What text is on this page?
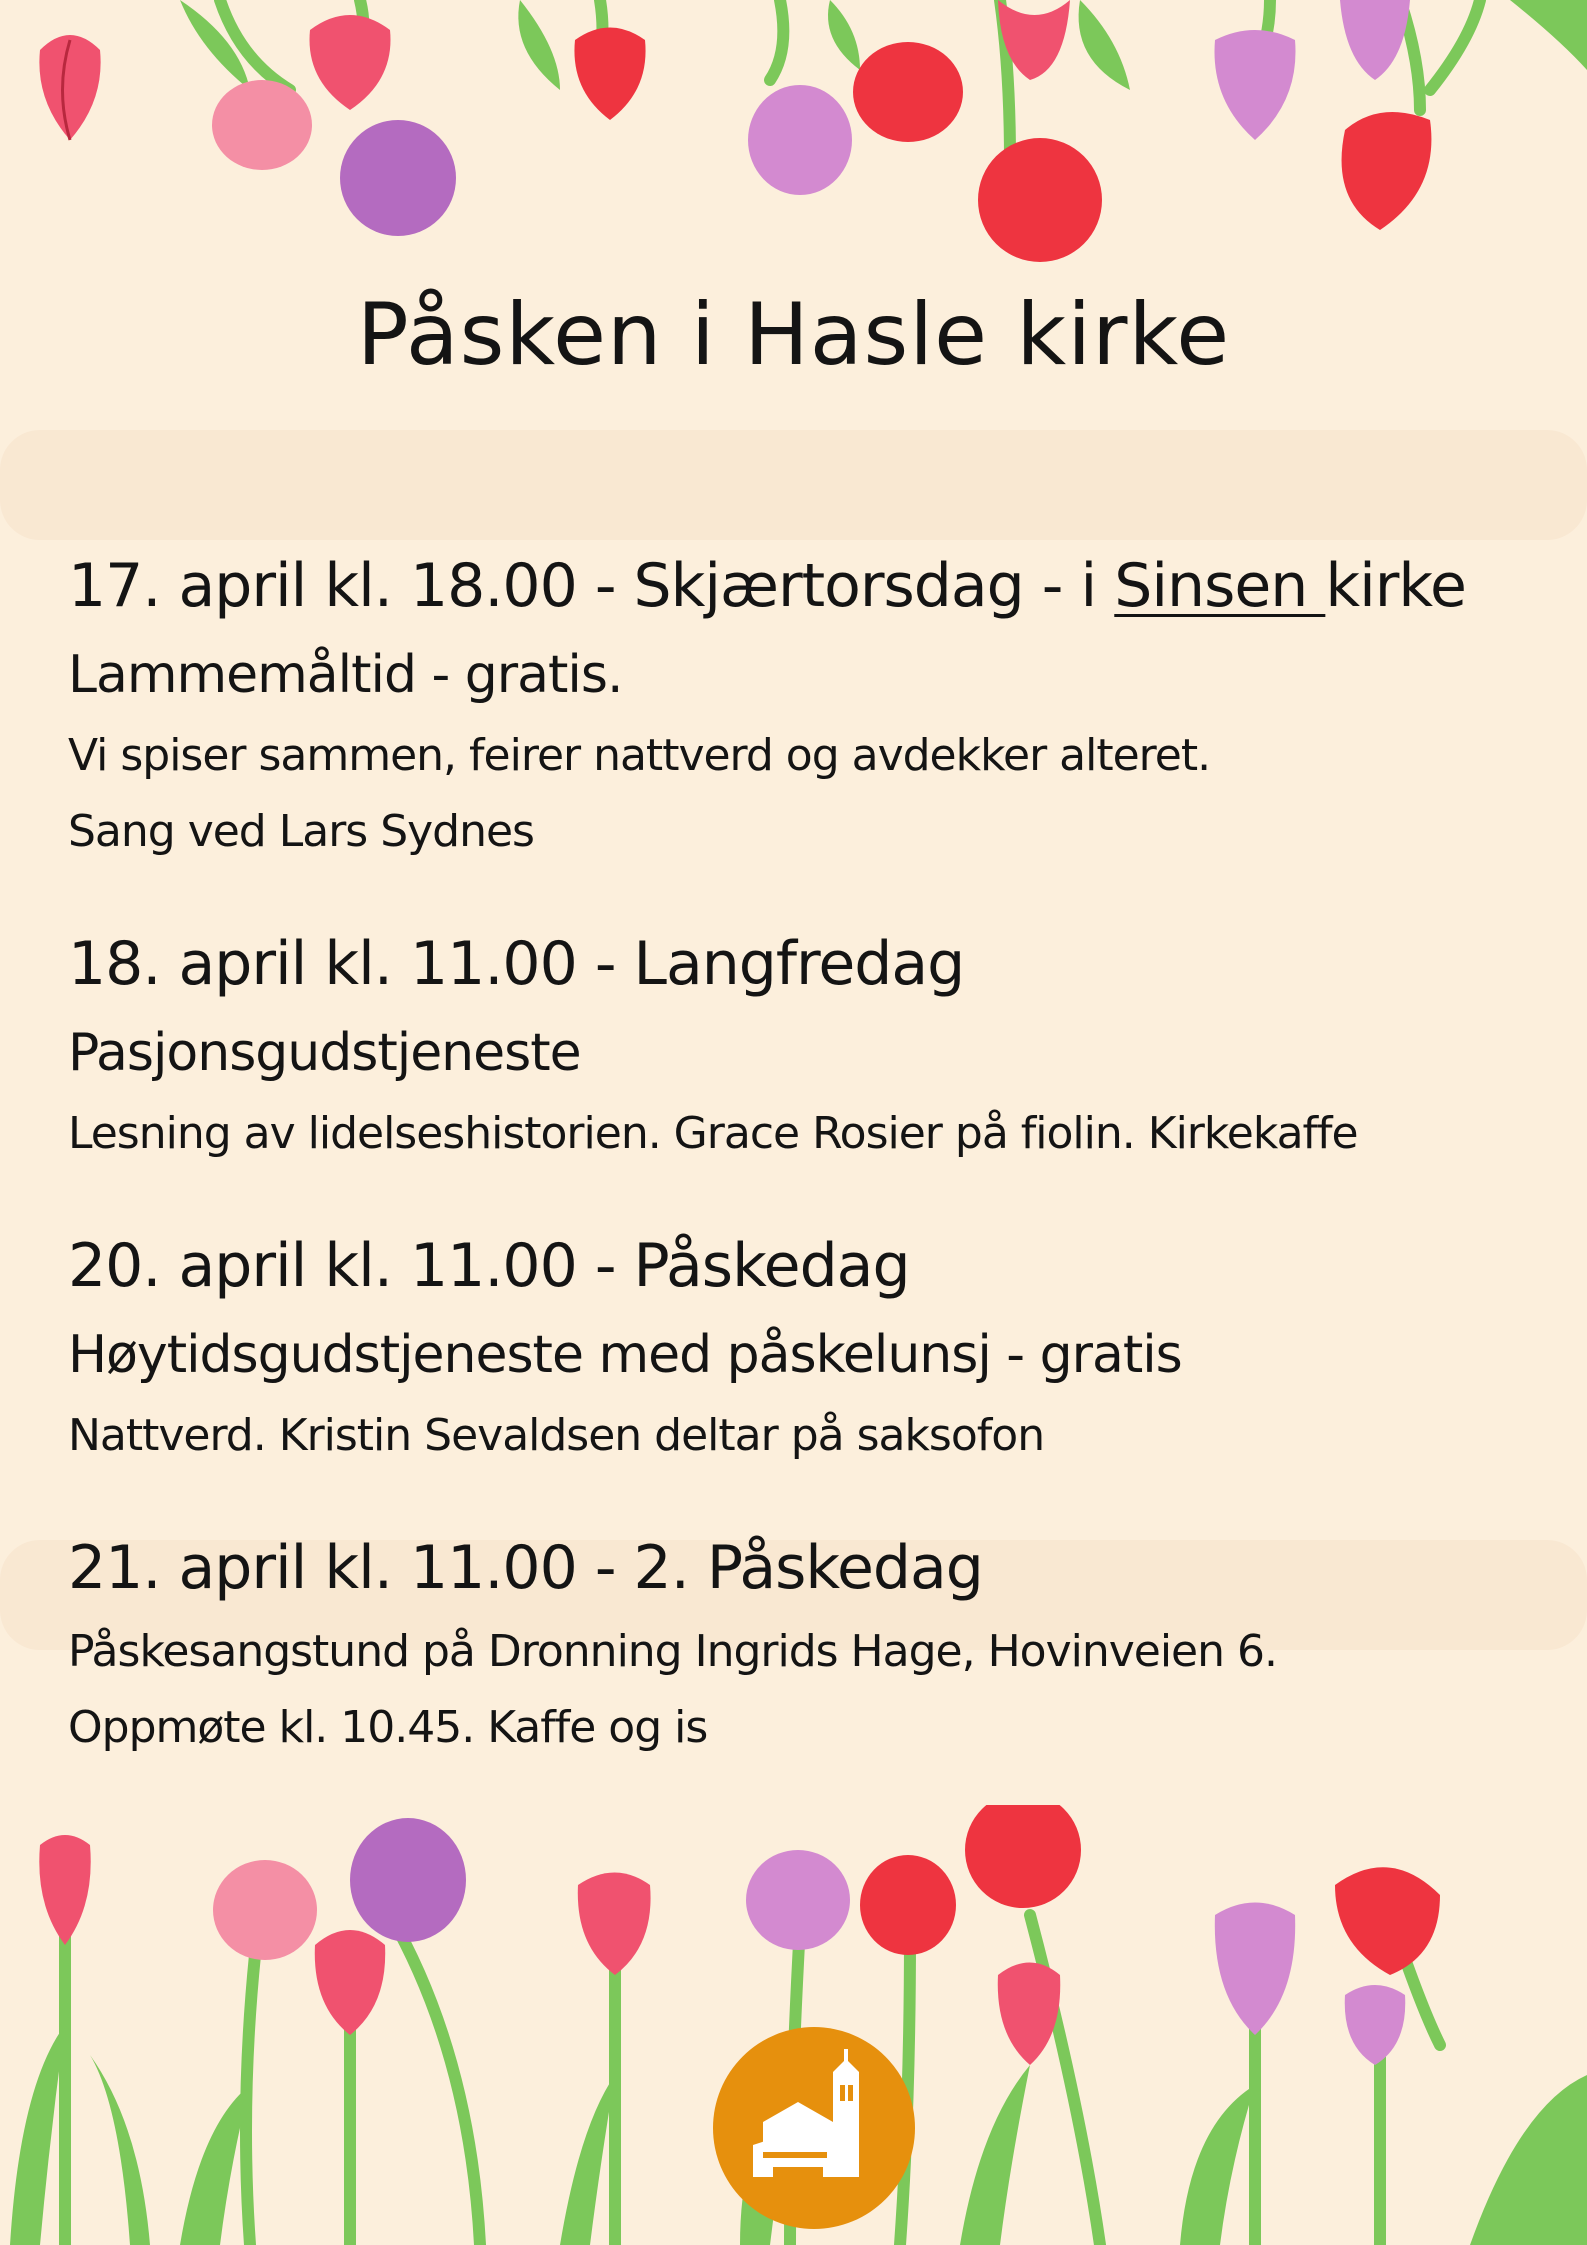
Påsken i Hasle kirke
17. april kl. 18.00 - Skjærtorsdag - i Sinsen kirke
Lammemåltid - gratis.
Vi spiser sammen, feirer nattverd og avdekker alteret.
Sang ved Lars Sydnes
18. april kl. 11.00 - Langfredag
Pasjonsgudstjeneste
Lesning av lidelseshistorien. Grace Rosier på fiolin. Kirkekaffe
20. april kl. 11.00 - Påskedag
Høytidsgudstjeneste med påskelunsj - gratis
Nattverd. Kristin Sevaldsen deltar på saksofon
21. april kl. 11.00 - 2. Påskedag
Påskesangstund på Dronning Ingrids Hage, Hovinveien 6.
Oppmøte kl. 10.45. Kaffe og is
